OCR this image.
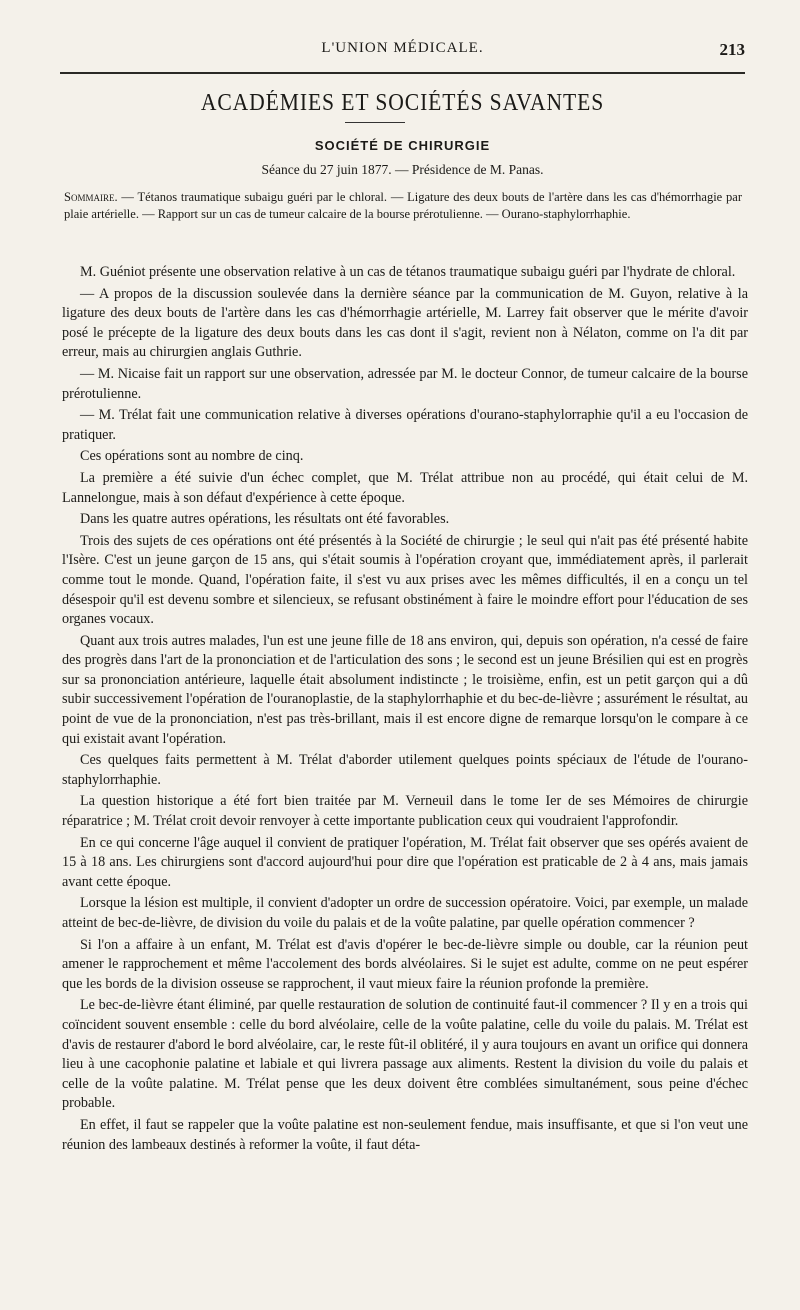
L'UNION MÉDICALE.	213
ACADÉMIES ET SOCIÉTÉS SAVANTES
SOCIÉTÉ DE CHIRURGIE
Séance du 27 juin 1877. — Présidence de M. Panas.
Sommaire. — Tétanos traumatique subaigu guéri par le chloral. — Ligature des deux bouts de l'artère dans les cas d'hémorrhagie par plaie artérielle. — Rapport sur un cas de tumeur calcaire de la bourse prérotulienne. — Ourano-staphylorrhaphie.

M. Guéniot présente une observation relative à un cas de tétanos traumatique subaigu guéri par l'hydrate de chloral.

— A propos de la discussion soulevée dans la dernière séance par la communication de M. Guyon, relative à la ligature des deux bouts de l'artère dans les cas d'hémorrhagie artérielle, M. Larrey fait observer que le mérite d'avoir posé le précepte de la ligature des deux bouts dans les cas dont il s'agit, revient non à Nélaton, comme on l'a dit par erreur, mais au chirurgien anglais Guthrie.

— M. Nicaise fait un rapport sur une observation, adressée par M. le docteur Connor, de tumeur calcaire de la bourse prérotulienne.

— M. Trélat fait une communication relative à diverses opérations d'ourano-staphylorraphie qu'il a eu l'occasion de pratiquer.

Ces opérations sont au nombre de cinq.

La première a été suivie d'un échec complet, que M. Trélat attribue non au procédé, qui était celui de M. Lannelongue, mais à son défaut d'expérience à cette époque.

Dans les quatre autres opérations, les résultats ont été favorables.

Trois des sujets de ces opérations ont été présentés à la Société de chirurgie ; le seul qui n'ait pas été présenté habite l'Isère. C'est un jeune garçon de 15 ans, qui s'était soumis à l'opération croyant que, immédiatement après, il parlerait comme tout le monde. Quand, l'opération faite, il s'est vu aux prises avec les mêmes difficultés, il en a conçu un tel désespoir qu'il est devenu sombre et silencieux, se refusant obstinément à faire le moindre effort pour l'éducation de ses organes vocaux.

Quant aux trois autres malades, l'un est une jeune fille de 18 ans environ, qui, depuis son opération, n'a cessé de faire des progrès dans l'art de la prononciation et de l'articulation des sons ; le second est un jeune Brésilien qui est en progrès sur sa prononciation antérieure, laquelle était absolument indistincte ; le troisième, enfin, est un petit garçon qui a dû subir successivement l'opération de l'ouranoplastie, de la staphylorrhaphie et du bec-de-lièvre ; assurément le résultat, au point de vue de la prononciation, n'est pas très-brillant, mais il est encore digne de remarque lorsqu'on le compare à ce qui existait avant l'opération.

Ces quelques faits permettent à M. Trélat d'aborder utilement quelques points spéciaux de l'étude de l'ourano-staphylorrhaphie.

La question historique a été fort bien traitée par M. Verneuil dans le tome Ier de ses Mémoires de chirurgie réparatrice ; M. Trélat croit devoir renvoyer à cette importante publication ceux qui voudraient l'approfondir.

En ce qui concerne l'âge auquel il convient de pratiquer l'opération, M. Trélat fait observer que ses opérés avaient de 15 à 18 ans. Les chirurgiens sont d'accord aujourd'hui pour dire que l'opération est praticable de 2 à 4 ans, mais jamais avant cette époque.

Lorsque la lésion est multiple, il convient d'adopter un ordre de succession opératoire. Voici, par exemple, un malade atteint de bec-de-lièvre, de division du voile du palais et de la voûte palatine, par quelle opération commencer ?

Si l'on a affaire à un enfant, M. Trélat est d'avis d'opérer le bec-de-lièvre simple ou double, car la réunion peut amener le rapprochement et même l'accolement des bords alvéolaires. Si le sujet est adulte, comme on ne peut espérer que les bords de la division osseuse se rapprochent, il vaut mieux faire la réunion profonde la première.

Le bec-de-lièvre étant éliminé, par quelle restauration de solution de continuité faut-il commencer ? Il y en a trois qui coïncident souvent ensemble : celle du bord alvéolaire, celle de la voûte palatine, celle du voile du palais. M. Trélat est d'avis de restaurer d'abord le bord alvéolaire, car, le reste fût-il oblitéré, il y aura toujours en avant un orifice qui donnera lieu à une cacophonie palatine et labiale et qui livrera passage aux aliments. Restent la division du voile du palais et celle de la voûte palatine. M. Trélat pense que les deux doivent être comblées simultanément, sous peine d'échec probable.

En effet, il faut se rappeler que la voûte palatine est non-seulement fendue, mais insuffisante, et que si l'on veut une réunion des lambeaux destinés à reformer la voûte, il faut déta-
